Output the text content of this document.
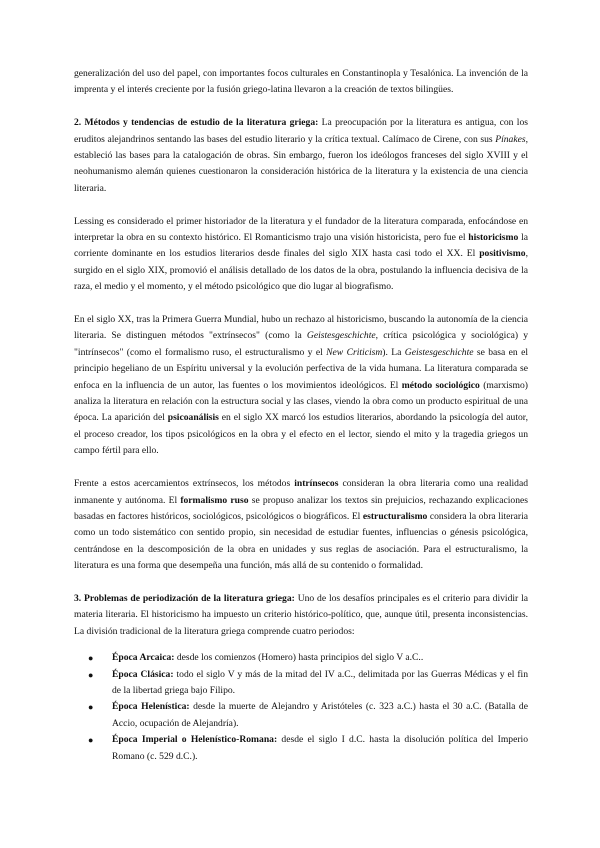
generalización del uso del papel, con importantes focos culturales en Constantinopla y Tesalónica. La invención de la imprenta y el interés creciente por la fusión griego-latina llevaron a la creación de textos bilingües.

2. Métodos y tendencias de estudio de la literatura griega: La preocupación por la literatura es antigua, con los eruditos alejandrinos sentando las bases del estudio literario y la crítica textual. Calímaco de Cirene, con sus Pínakes, estableció las bases para la catalogación de obras. Sin embargo, fueron los ideólogos franceses del siglo XVIII y el neohumanismo alemán quienes cuestionaron la consideración histórica de la literatura y la existencia de una ciencia literaria.

Lessing es considerado el primer historiador de la literatura y el fundador de la literatura comparada, enfocándose en interpretar la obra en su contexto histórico. El Romanticismo trajo una visión historicista, pero fue el historicismo la corriente dominante en los estudios literarios desde finales del siglo XIX hasta casi todo el XX. El positivismo, surgido en el siglo XIX, promovió el análisis detallado de los datos de la obra, postulando la influencia decisiva de la raza, el medio y el momento, y el método psicológico que dio lugar al biografismo.

En el siglo XX, tras la Primera Guerra Mundial, hubo un rechazo al historicismo, buscando la autonomía de la ciencia literaria. Se distinguen métodos "extrínsecos" (como la Geistesgeschichte, crítica psicológica y sociológica) y "intrínsecos" (como el formalismo ruso, el estructuralismo y el New Criticism). La Geistesgeschichte se basa en el principio hegeliano de un Espíritu universal y la evolución perfectiva de la vida humana. La literatura comparada se enfoca en la influencia de un autor, las fuentes o los movimientos ideológicos. El método sociológico (marxismo) analiza la literatura en relación con la estructura social y las clases, viendo la obra como un producto espiritual de una época. La aparición del psicoanálisis en el siglo XX marcó los estudios literarios, abordando la psicología del autor, el proceso creador, los tipos psicológicos en la obra y el efecto en el lector, siendo el mito y la tragedia griegos un campo fértil para ello.

Frente a estos acercamientos extrínsecos, los métodos intrínsecos consideran la obra literaria como una realidad inmanente y autónoma. El formalismo ruso se propuso analizar los textos sin prejuicios, rechazando explicaciones basadas en factores históricos, sociológicos, psicológicos o biográficos. El estructuralismo considera la obra literaria como un todo sistemático con sentido propio, sin necesidad de estudiar fuentes, influencias o génesis psicológica, centrándose en la descomposición de la obra en unidades y sus reglas de asociación. Para el estructuralismo, la literatura es una forma que desempeña una función, más allá de su contenido o formalidad.

3. Problemas de periodización de la literatura griega: Uno de los desafíos principales es el criterio para dividir la materia literaria. El historicismo ha impuesto un criterio histórico-político, que, aunque útil, presenta inconsistencias. La división tradicional de la literatura griega comprende cuatro periodos:

● Época Arcaica: desde los comienzos (Homero) hasta principios del siglo V a.C..
● Época Clásica: todo el siglo V y más de la mitad del IV a.C., delimitada por las Guerras Médicas y el fin de la libertad griega bajo Filipo.
● Época Helenística: desde la muerte de Alejandro y Aristóteles (c. 323 a.C.) hasta el 30 a.C. (Batalla de Accio, ocupación de Alejandría).
● Época Imperial o Helenístico-Romana: desde el siglo I d.C. hasta la disolución política del Imperio Romano (c. 529 d.C.).
